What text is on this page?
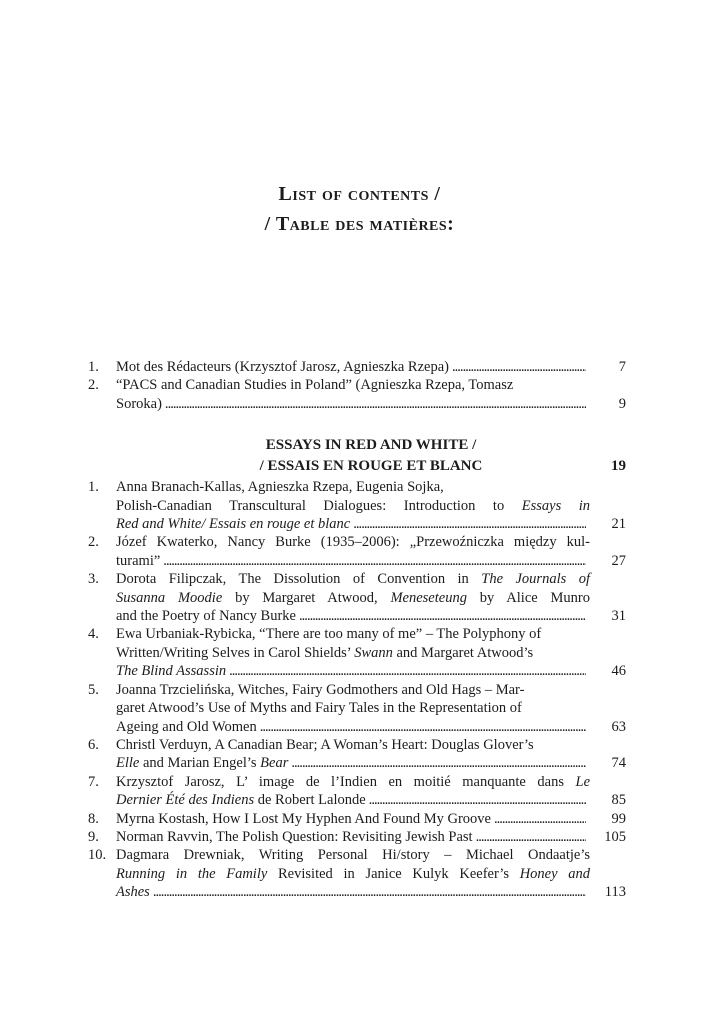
List of contents /
/ Table des matières:
1.	Mot des Rédacteurs (Krzysztof Jarosz, Agnieszka Rzepa) . . .	7
2.	“PACS and Canadian Studies in Poland” (Agnieszka Rzepa, Tomasz
Soroka) . . .	9
ESSAYS IN RED AND WHITE /
/ ESSAIS EN ROUGE ET BLANC	19
1.	Anna Branach-Kallas, Agnieszka Rzepa, Eugenia Sojka,
Polish-Canadian Transcultural Dialogues: Introduction to Essays in
Red and White/ Essais en rouge et blanc . . .	21
2.	Józef Kwaterko, Nancy Burke (1935–2006): „Przewoźniczka między kul-
turami” . . .	27
3.	Dorota Filipczak, The Dissolution of Convention in The Journals of
Susanna Moodie by Margaret Atwood, Meneseteung by Alice Munro
and the Poetry of Nancy Burke . . .	31
4.	Ewa Urbaniak-Rybicka, “There are too many of me” – The Polyphony of
Written/Writing Selves in Carol Shields’ Swann and Margaret Atwood’s
The Blind Assassin . . .	46
5.	Joanna Trzcielińska, Witches, Fairy Godmothers and Old Hags – Mar-
garet Atwood’s Use of Myths and Fairy Tales in the Representation of
Ageing and Old Women . . .	63
6.	Christl Verduyn, A Canadian Bear; A Woman’s Heart: Douglas Glover’s
Elle and Marian Engel’s Bear . . .	74
7.	Krzysztof Jarosz, L’ image de l’Indien en moitié manquante dans Le
Dernier Été des Indiens de Robert Lalonde . . .	85
8.	Myrna Kostash, How I Lost My Hyphen And Found My Groove . . .	99
9.	Norman Ravvin, The Polish Question: Revisiting Jewish Past . . .	105
10. Dagmara Drewniak, Writing Personal Hi/story – Michael Ondaatje’s
Running in the Family Revisited in Janice Kulyk Keefer’s Honey and
Ashes . . .	113
